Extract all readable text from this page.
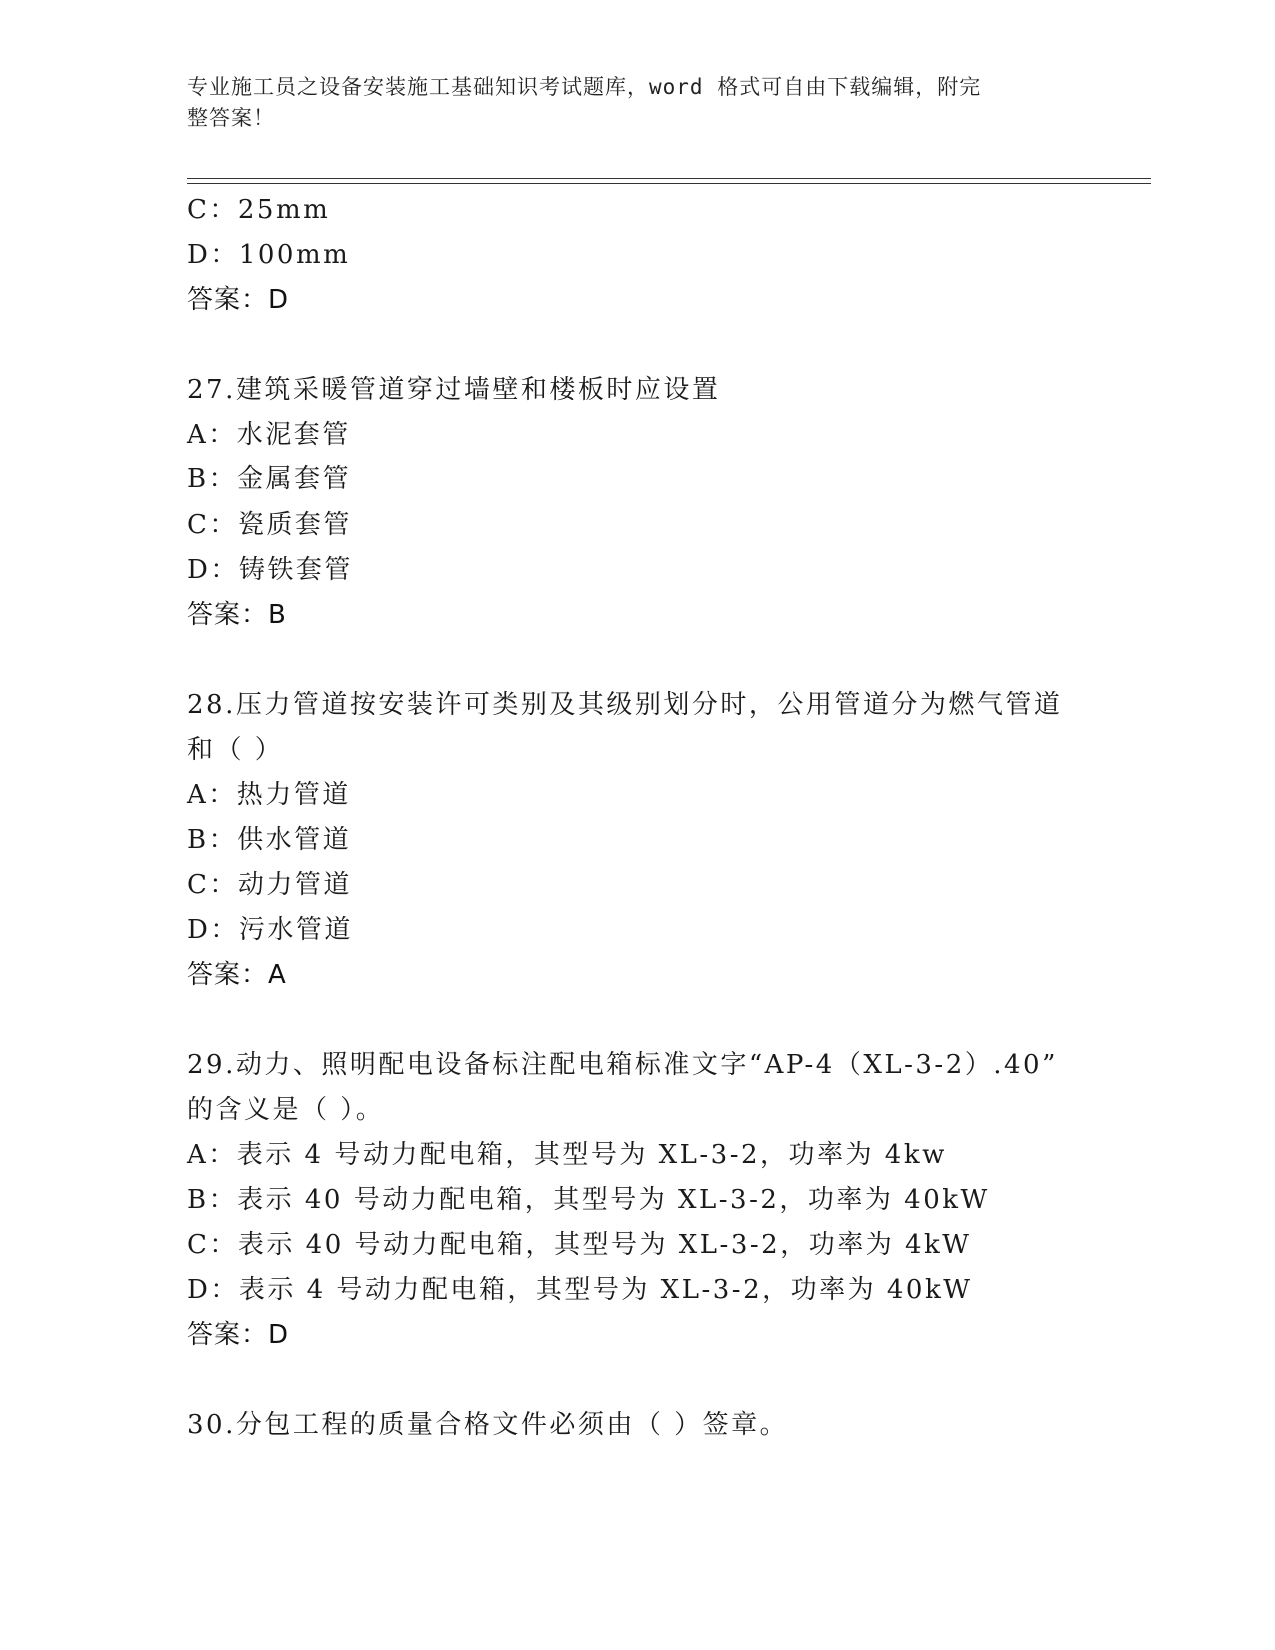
专业施工员之设备安装施工基础知识考试题库，word 格式可自由下载编辑，附完
整答案！
C：25mm
D：100mm
答案：D
27.建筑采暖管道穿过墙壁和楼板时应设置
A：水泥套管
B：金属套管
C：瓷质套管
D：铸铁套管
答案：B
28.压力管道按安装许可类别及其级别划分时，公用管道分为燃气管道
和（ ）
A：热力管道
B：供水管道
C：动力管道
D：污水管道
答案：A
29.动力、照明配电设备标注配电箱标准文字“AP-4（XL-3-2）.40”
的含义是（ ）。
A：表示 4 号动力配电箱，其型号为 XL-3-2，功率为 4kw
B：表示 40 号动力配电箱，其型号为 XL-3-2，功率为 40kW
C：表示 40 号动力配电箱，其型号为 XL-3-2，功率为 4kW
D：表示 4 号动力配电箱，其型号为 XL-3-2，功率为 40kW
答案：D
30.分包工程的质量合格文件必须由（ ）签章。
